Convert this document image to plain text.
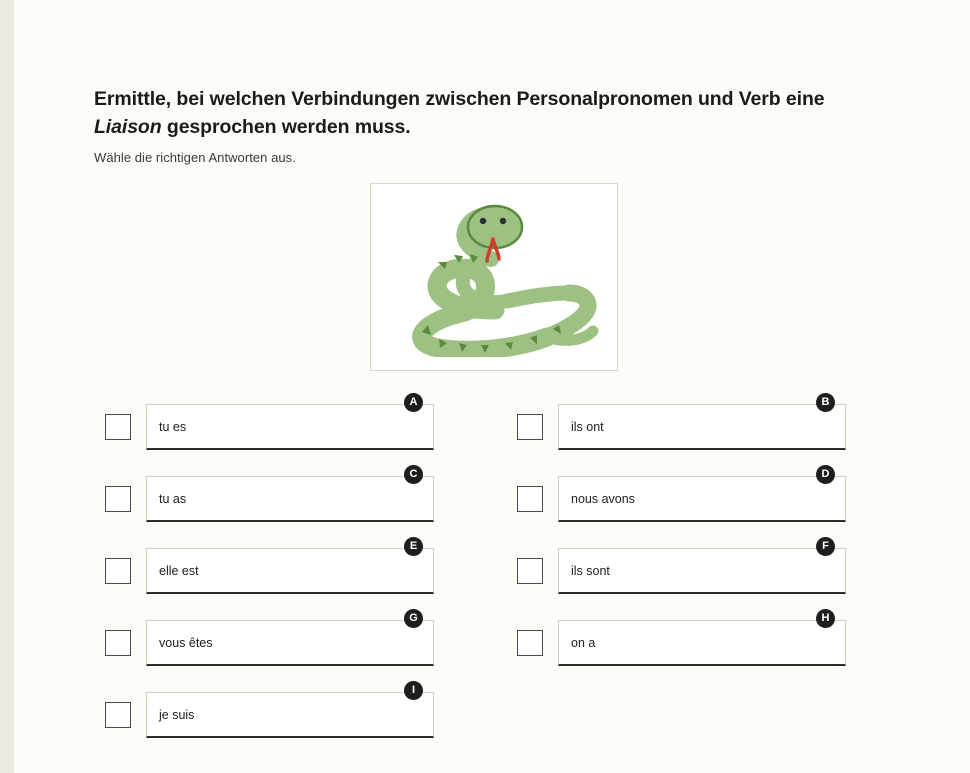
Ermittle, bei welchen Verbindungen zwischen Personalpronomen und Verb eine Liaison gesprochen werden muss.
Wähle die richtigen Antworten aus.
tu es
A
tu as
C
elle est
E
vous êtes
G
je suis
I
ils ont
B
nous avons
D
ils sont
F
on a
H
